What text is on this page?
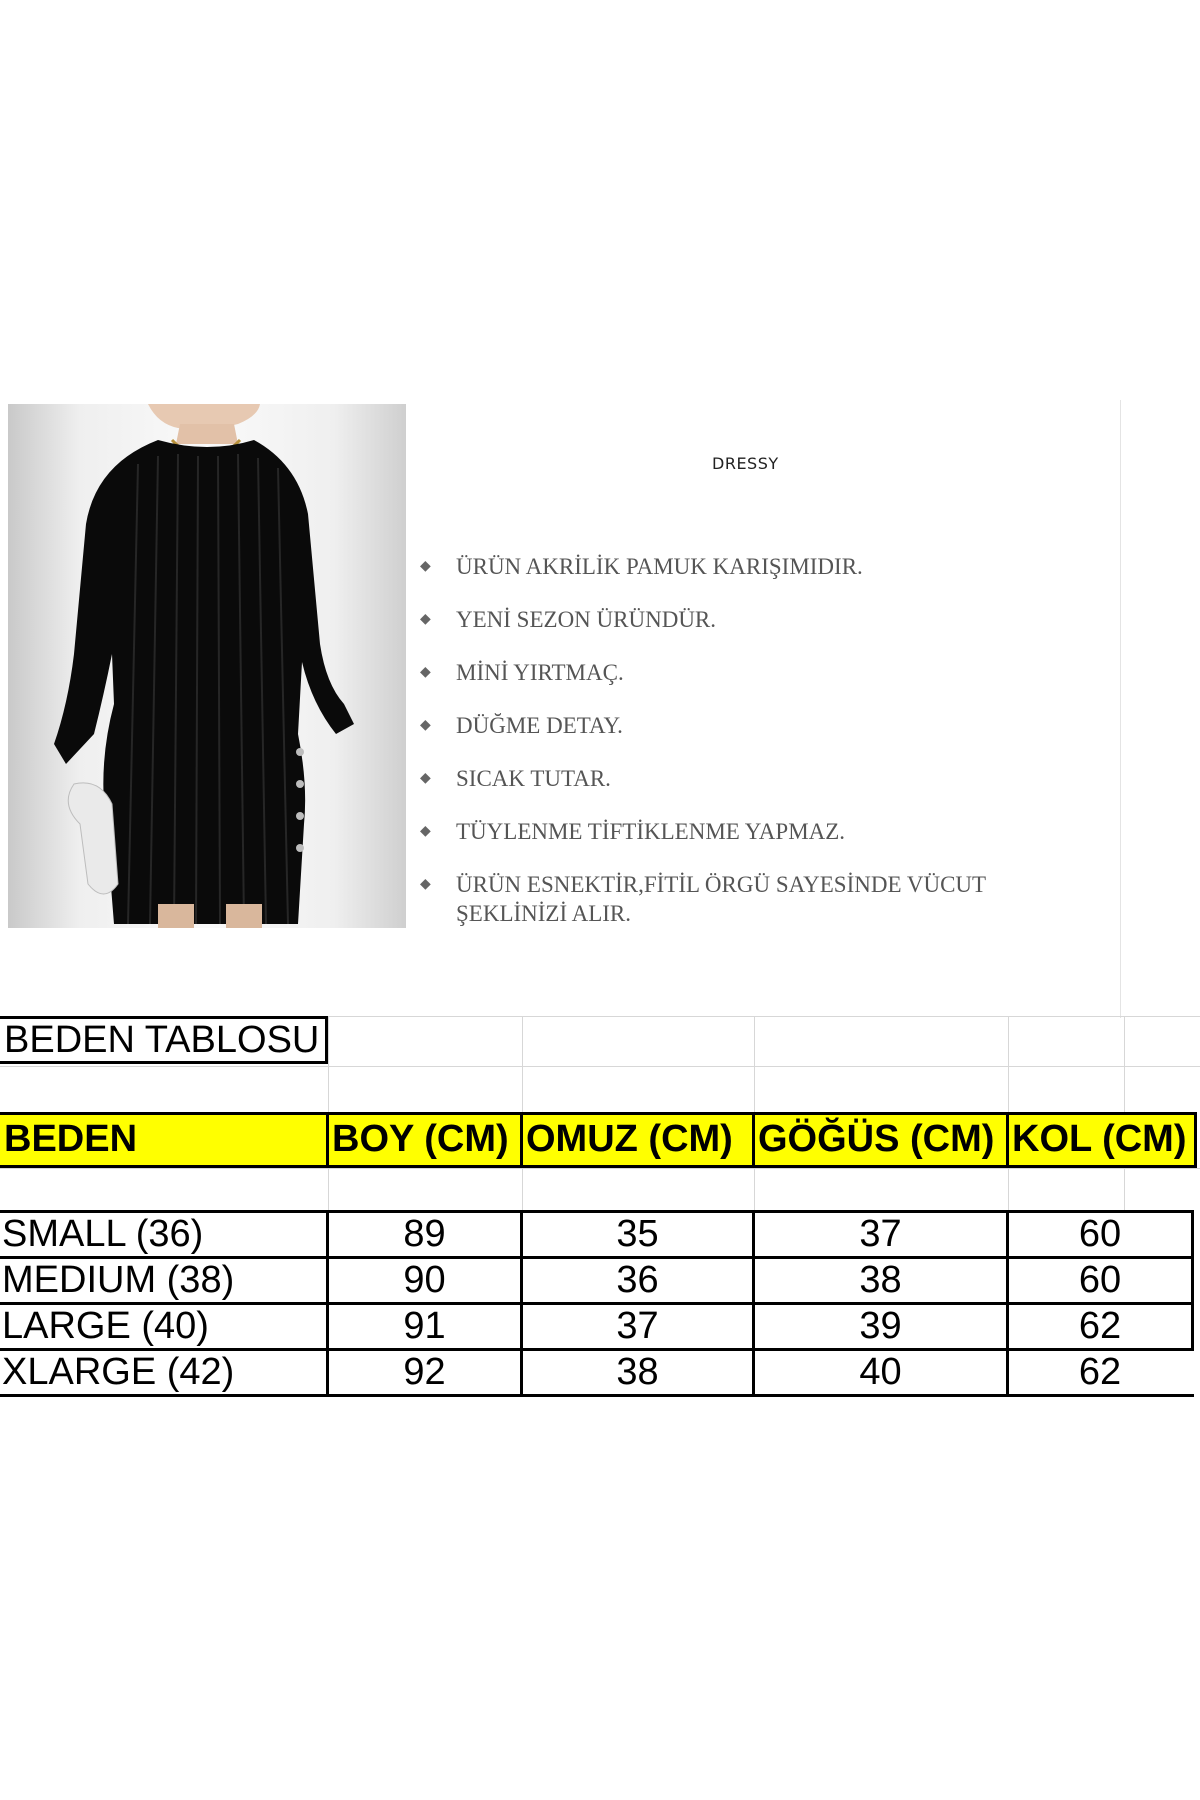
DRESSY
◆ ÜRÜN AKRİLİK PAMUK KARIŞIMIDIR.
◆ YENİ SEZON ÜRÜNDÜR.
◆ MİNİ YIRTMAÇ.
◆ DÜĞME DETAY.
◆ SICAK TUTAR.
◆ TÜYLENME TİFTİKLENME YAPMAZ.
◆ ÜRÜN ESNEKTİR,FİTİL ÖRGÜ SAYESİNDE VÜCUT ŞEKLİNİZİ ALIR.
BEDEN TABLOSU
BEDEN	BOY (CM) OMUZ (CM) GÖĞÜS (CM) KOL (CM)
SMALL (36)	89	35	37	60
MEDIUM (38)	90	36	38	60
LARGE (40)	91	37	39	62
XLARGE (42)	92	38	40	62
